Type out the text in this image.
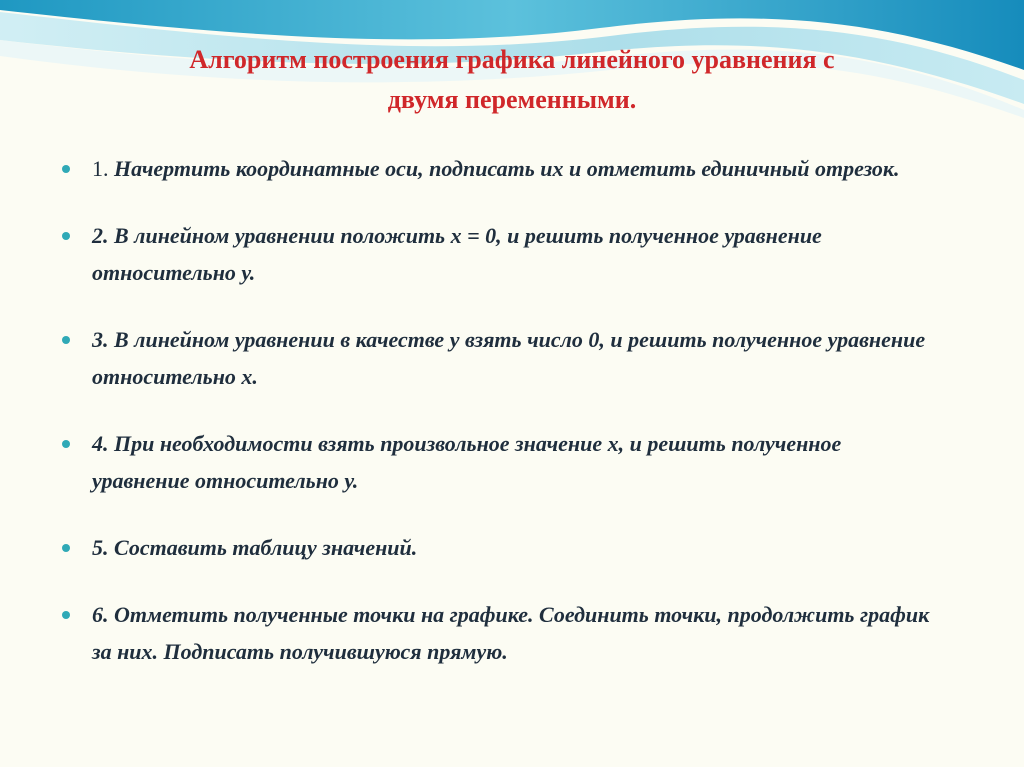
Алгоритм построения графика линейного уравнения с
двумя переменными.
1. Начертить координатные оси, подписать их и отметить единичный отрезок.
2. В линейном уравнении положить х = 0, и решить полученное уравнение относительно у.
3. В линейном уравнении в качестве у взять число 0, и решить полученное уравнение относительно х.
4. При необходимости взять произвольное значение х, и решить полученное уравнение относительно у.
5. Составить таблицу значений.
6. Отметить полученные точки на графике. Соединить точки, продолжить график за них. Подписать получившуюся прямую.
